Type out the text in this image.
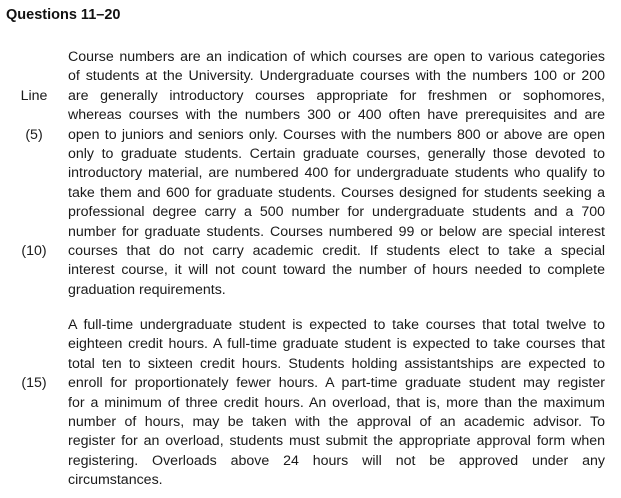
Questions 11–20
Line
(5)
(10)
(15)
Course numbers are an indication of which courses are open to various categories
of students at the University. Undergraduate courses with the numbers 100 or 200
are generally introductory courses appropriate for freshmen or sophomores,
whereas courses with the numbers 300 or 400 often have prerequisites and are
open to juniors and seniors only. Courses with the numbers 800 or above are open
only to graduate students. Certain graduate courses, generally those devoted to
introductory material, are numbered 400 for undergraduate students who qualify to
take them and 600 for graduate students. Courses designed for students seeking a
professional degree carry a 500 number for undergraduate students and a 700
number for graduate students. Courses numbered 99 or below are special interest
courses that do not carry academic credit. If students elect to take a special
interest course, it will not count toward the number of hours needed to complete
graduation requirements.
A full-time undergraduate student is expected to take courses that total twelve to
eighteen credit hours. A full-time graduate student is expected to take courses that
total ten to sixteen credit hours. Students holding assistantships are expected to
enroll for proportionately fewer hours. A part-time graduate student may register
for a minimum of three credit hours. An overload, that is, more than the maximum
number of hours, may be taken with the approval of an academic advisor. To
register for an overload, students must submit the appropriate approval form when
registering. Overloads above 24 hours will not be approved under any
circumstances.
